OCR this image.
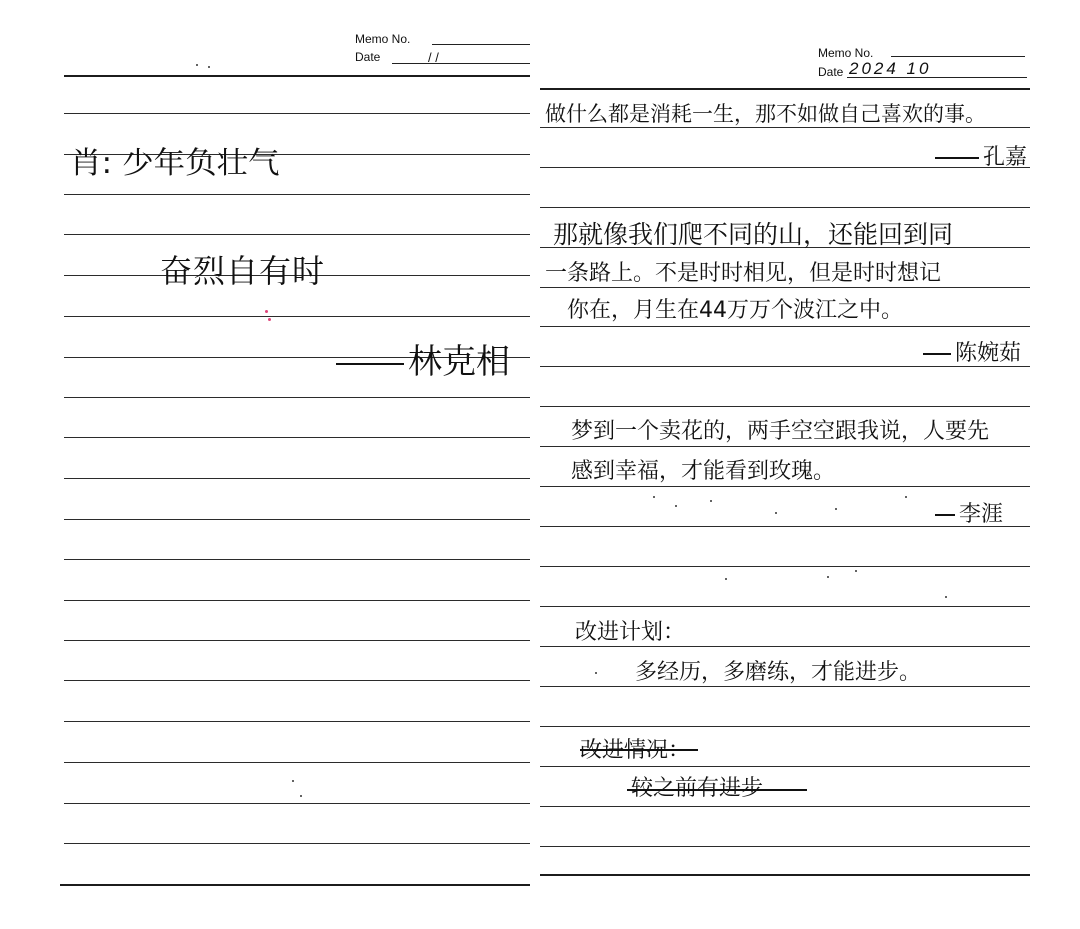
Memo No.
Date	/ /
肖: 少年负壮气
奋烈自有时
林克相
Memo No.
Date 2024 10
做什么都是消耗一生，那不如做自己喜欢的事。
孔嘉
那就像我们爬不同的山，还能回到同
一条路上。不是时时相见，但是时时想记
你在，月生在44万万个波江之中。
陈婉茹
梦到一个卖花的，两手空空跟我说，人要先
感到幸福，才能看到玫瑰。
李涯
改进计划：
多经历，多磨练，才能进步。
改进情况：
较之前有进步
